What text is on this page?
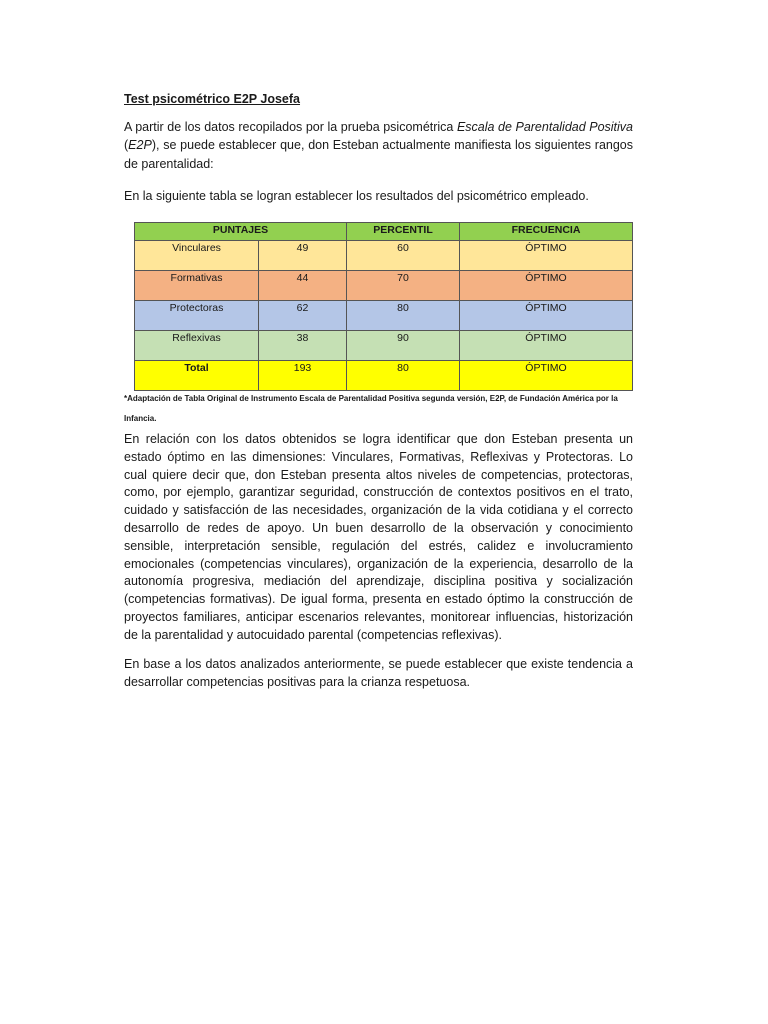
Test psicométrico E2P Josefa

A partir de los datos recopilados por la prueba psicométrica Escala de Parentalidad Positiva (E2P), se puede establecer que, don Esteban actualmente manifiesta los siguientes rangos de parentalidad:

En la siguiente tabla se logran establecer los resultados del psicométrico empleado.

PUNTAJES		PERCENTIL	FRECUENCIA
Vinculares	49	60	ÓPTIMO
Formativas	44	70	ÓPTIMO
Protectoras	62	80	ÓPTIMO
Reflexivas	38	90	ÓPTIMO
Total	193	80	ÓPTIMO
*Adaptación de Tabla Original de Instrumento Escala de Parentalidad Positiva segunda versión, E2P, de Fundación América por la Infancia.

En relación con los datos obtenidos se logra identificar que don Esteban presenta un estado óptimo en las dimensiones: Vinculares, Formativas, Reflexivas y Protectoras. Lo cual quiere decir que, don Esteban presenta altos niveles de competencias, protectoras, como, por ejemplo, garantizar seguridad, construcción de contextos positivos en el trato, cuidado y satisfacción de las necesidades, organización de la vida cotidiana y el correcto desarrollo de redes de apoyo. Un buen desarrollo de la observación y conocimiento sensible, interpretación sensible, regulación del estrés, calidez e involucramiento emocionales (competencias vinculares), organización de la experiencia, desarrollo de la autonomía progresiva, mediación del aprendizaje, disciplina positiva y socialización (competencias formativas). De igual forma, presenta en estado óptimo la construcción de proyectos familiares, anticipar escenarios relevantes, monitorear influencias, historización de la parentalidad y autocuidado parental (competencias reflexivas).

En base a los datos analizados anteriormente, se puede establecer que existe tendencia a desarrollar competencias positivas para la crianza respetuosa.
